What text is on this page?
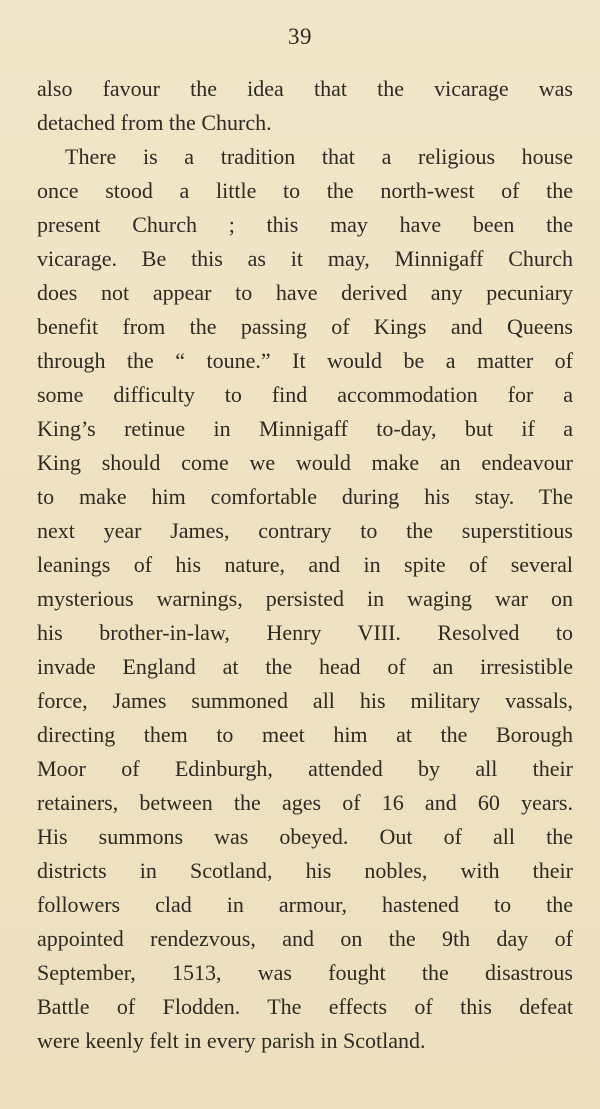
39
also favour the idea that the vicarage was
detached from the Church.
There is a tradition that a religious house
once stood a little to the north-west of the
present Church ; this may have been the
vicarage. Be this as it may, Minnigaff Church
does not appear to have derived any pecuniary
benefit from the passing of Kings and Queens
through the “ toune.” It would be a matter of
some difficulty to find accommodation for a
King’s retinue in Minnigaff to-day, but if a
King should come we would make an endeavour
to make him comfortable during his stay. The
next year James, contrary to the superstitious
leanings of his nature, and in spite of several
mysterious warnings, persisted in waging war on
his brother-in-law, Henry VIII. Resolved to
invade England at the head of an irresistible
force, James summoned all his military vassals,
directing them to meet him at the Borough
Moor of Edinburgh, attended by all their
retainers, between the ages of 16 and 60 years.
His summons was obeyed. Out of all the
districts in Scotland, his nobles, with their
followers clad in armour, hastened to the
appointed rendezvous, and on the 9th day of
September, 1513, was fought the disastrous
Battle of Flodden. The effects of this defeat
were keenly felt in every parish in Scotland.
